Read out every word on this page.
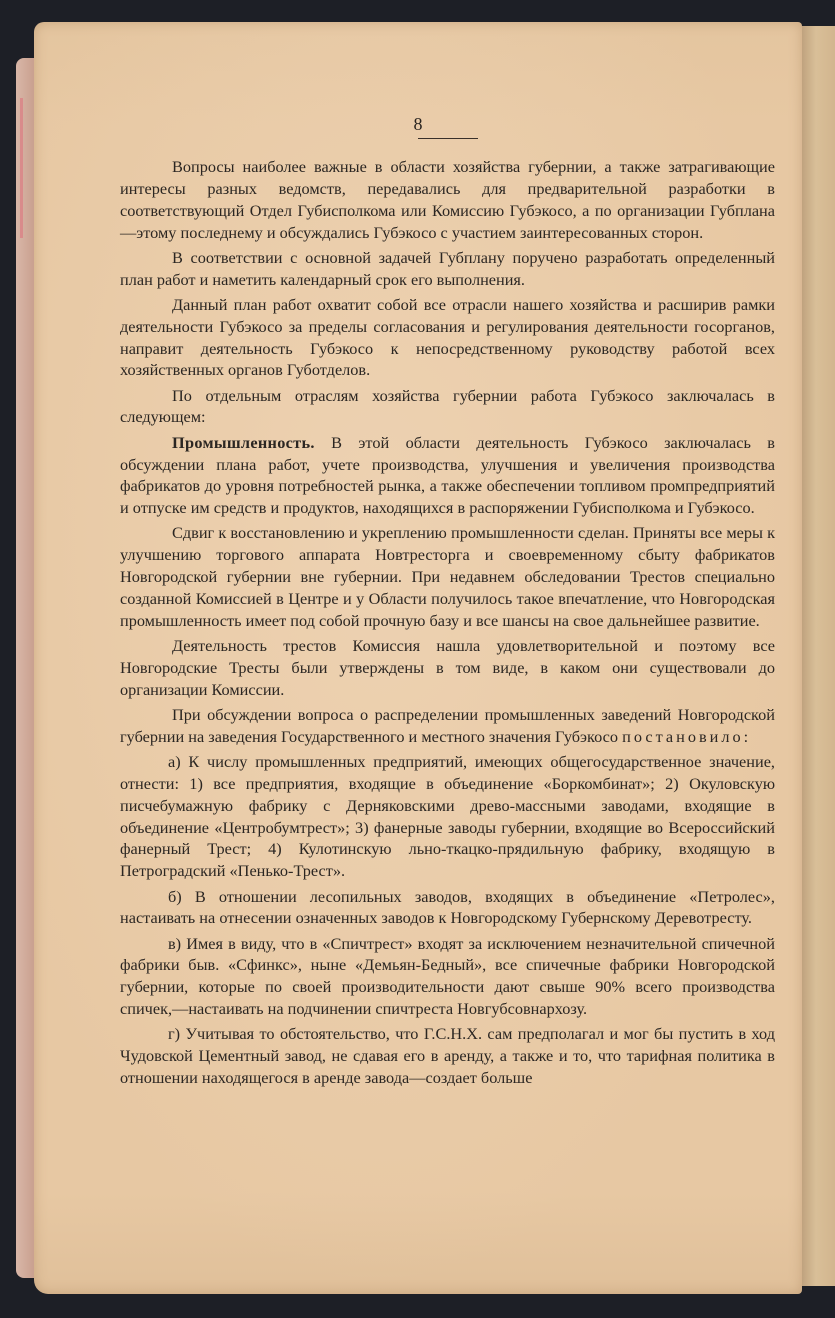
8

Вопросы наиболее важные в области хозяйства губернии, а также затрагивающие интересы разных ведомств, передавались для предварительной разработки в соответствующий Отдел Губисполкома или Комиссию Губэкосо, а по организации Губплана—этому последнему и обсуждались Губэкосо с участием заинтересованных сторон.

В соответствии с основной задачей Губплану поручено разработать определенный план работ и наметить календарный срок его выполнения.

Данный план работ охватит собой все отрасли нашего хозяйства и расширив рамки деятельности Губэкосо за пределы согласования и регулирования деятельности госорганов, направит деятельность Губэкосо к непосредственному руководству работой всех хозяйственных органов Губотделов.

По отдельным отраслям хозяйства губернии работа Губэкосо заключалась в следующем:

Промышленность. В этой области деятельность Губэкосо заключалась в обсуждении плана работ, учете производства, улучшения и увеличения производства фабрикатов до уровня потребностей рынка, а также обеспечении топливом промпредприятий и отпуске им средств и продуктов, находящихся в распоряжении Губисполкома и Губэкосо.

Сдвиг к восстановлению и укреплению промышленности сделан. Приняты все меры к улучшению торгового аппарата Новтресторга и своевременному сбыту фабрикатов Новгородской губернии вне губернии. При недавнем обследовании Трестов специально созданной Комиссией в Центре и у Области получилось такое впечатление, что Новгородская промышленность имеет под собой прочную базу и все шансы на свое дальнейшее развитие.

Деятельность трестов Комиссия нашла удовлетворительной и поэтому все Новгородские Тресты были утверждены в том виде, в каком они существовали до организации Комиссии.

При обсуждении вопроса о распределении промышленных заведений Новгородской губернии на заведения Государственного и местного значения Губэкосо постановило:

а) К числу промышленных предприятий, имеющих общегосударственное значение, отнести: 1) все предприятия, входящие в объединение «Боркомбинат»; 2) Окуловскую писчебумажную фабрику с Дерняковскими древо-массными заводами, входящие в объединение «Центробумтрест»; 3) фанерные заводы губернии, входящие во Всероссийский фанерный Трест; 4) Кулотинскую льно-ткацко-прядильную фабрику, входящую в Петроградский «Пенько-Трест».

б) В отношении лесопильных заводов, входящих в объединение «Петролес», настаивать на отнесении означенных заводов к Новгородскому Губернскому Деревотресту.

в) Имея в виду, что в «Спичтрест» входят за исключением незначительной спичечной фабрики быв. «Сфинкс», ныне «Демьян-Бедный», все спичечные фабрики Новгородской губернии, которые по своей производительности дают свыше 90% всего производства спичек,—настаивать на подчинении спичтреста Новгубсовнархозу.

г) Учитывая то обстоятельство, что Г.С.Н.Х. сам предполагал и мог бы пустить в ход Чудовской Цементный завод, не сдавая его в аренду, а также и то, что тарифная политика в отношении находящегося в аренде завода—создает больше
